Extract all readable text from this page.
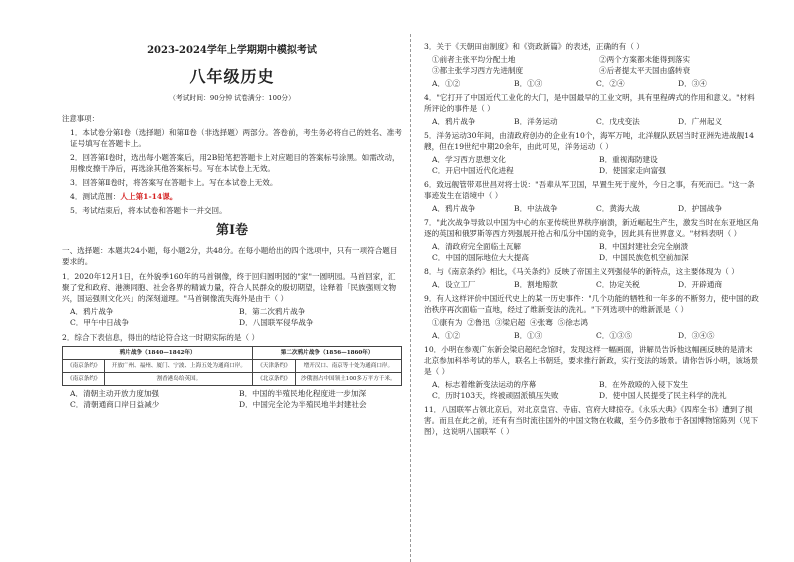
2023-2024学年上学期期中模拟考试
八年级历史
（考试时间：90分钟 试卷满分：100分）
注意事项：
1．本试卷分第Ⅰ卷（选择题）和第Ⅱ卷（非选择题）两部分。答卷前，考生务必将自己的姓名、准考证号填写在答题卡上。
2．回答第Ⅰ卷时，选出每小题答案后，用2B铅笔把答题卡上对应题目的答案标号涂黑。如需改动，用橡皮擦干净后，再选涂其他答案标号。写在本试卷上无效。
3．回答第Ⅱ卷时，将答案写在答题卡上。写在本试卷上无效。
4．测试范围：人上第1-14课。
5．考试结束后，将本试卷和答题卡一并交回。
第Ⅰ卷
一、选择题：本题共24小题，每小题2分，共48分。在每小题给出的四个选项中，只有一项符合题目要求的。
1．2020年12月1日，在外貌季160年的马首铜像，终于回归圆明园的"家"一圆明园。马首回家，汇聚了党和政府、港澳同胞、社会各界的精诚力量，符合人民群众的殷切期望，诠释着「民族强则文物兴，国运强则文化兴」的深刻道理。"马首铜像流失海外是由于（ ）
A．鸦片战争	B．第二次鸦片战争
C．甲午中日战争	D．八国联军侵华战争
2．综合下表信息，得出的结论符合这一时期实际的是（ ）
鸦片战争（1840—1842年）		第二次鸦片战争（1856—1860年）	
《南京条约》	开放广州、福州、厦门、宁波、上海五处为通商口岸。	《天津条约》	增开汉口、南京等十处为通商口岸。
《南京条约》	割香港岛给英国。	《北京条约》	沙俄割占中国领土100多万平方千米。
A．清朝主动开放力度加强	B．中国的半殖民地化程度进一步加深
C．清朝通商口岸日益减少	D．中国完全沦为半殖民地半封建社会
3．关于《天朝田亩制度》和《资政新篇》的表述，正确的有（ ）
①前者主张平均分配土地	②两个方案都未能得到落实
③都主张学习西方先进制度	④后者提太平天国由盛转衰
A．①②	B．①③	C．②④	D．③④
4．"它打开了中国近代工业化的大门，是中国最早的工业文明，具有里程碑式的作用和意义。"材料所评论的事件是（ ）
A．鸦片战争	B．洋务运动	C．戊戌变法	D．广州起义
5．洋务运动30年间，由清政府创办的企业有10个，海军万吨，北洋舰队跃居当时亚洲先进战舰14艘，但在19世纪中期20余年，由此可见，洋务运动（ ）
A．学习西方思想文化	B．重视海防建设
C．开启中国近代化进程	D．使国家走向富强
6．致远舰管带邓世昌对将士说："吾辈从军卫国，早置生死于度外，今日之事，有死而已。"这一条事迹发生在语境中（ ）
A．鸦片战争	B．中法战争	C．黄海大战	D．护国战争
7．"此次战争导致以中国为中心的东亚传统世界秩序崩溃，新近崛起生产生，激发当时在东亚地区角逐的英国和俄罗斯等西方列强展开抢占和瓜分中国的竞争，因此具有世界意义。"材料表明（ ）
A．清政府完全面临土瓦解	B．中国封建社会完全崩溃
C．中国的国际地位大大提高	D．中国民族危机空前加深
8．与《南京条约》相比，《马关条约》反映了帝国主义列强侵华的新特点，这主要体现为（ ）
A．设立工厂	B．割地赔款	C．协定关税	D．开辟通商
9．有人这样评价中国近代史上的某一历史事件："几个功能的牺牲和一年多的不断努力，使中国的政治秩序再次面临一直地，经过了维新变法的洗礼。"下列选项中的维新派是（ ）
①康有为 ②鲁迅 ③梁启超 ④张骞 ⑤徐志鸿
A．①②	B．①③	C．①③⑤	D．③④⑤
10．小明在参观广东新会梁启超纪念馆时，发现这样一幅画面，讲解员告诉他这幅画反映的是清末北京参加科举考试的举人，联名上书朝廷，要求推行新政，实行变法的场景。请你告诉小明，该场景是（ ）
A．标志着维新变法运动的序幕	B．在外敌殴的入侵下发生
C．历时103天，终被顽固派镇压失败	D．使中国人民提受了民主科学的洗礼
11．八国联军占领北京后，对北京皇宫、寺庙、官府大肆掠夺。《永乐大典》《四库全书》遭到了损害。而且在此之前，还有有当时流往国外的中国文物在收藏，至今仍多散布于各国博物馆陈列（见下图），这说明八国联军（ ）
